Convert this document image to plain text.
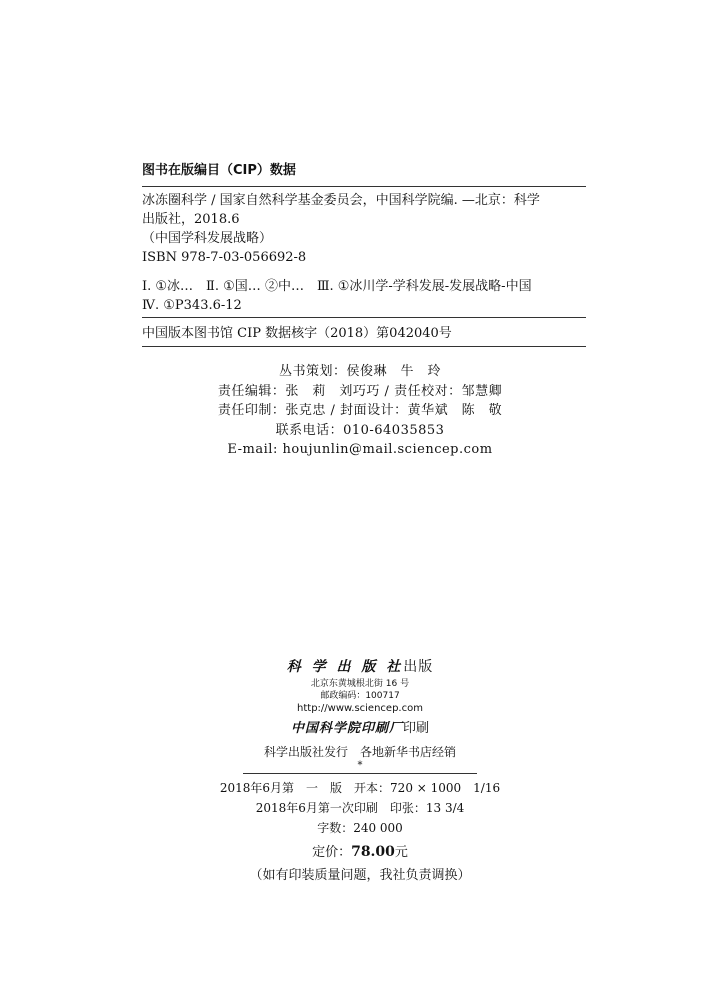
图书在版编目（CIP）数据
冰冻圈科学 / 国家自然科学基金委员会，中国科学院编. —北京：科学
出版社，2018.6
（中国学科发展战略）
ISBN 978-7-03-056692-8
Ⅰ. ①冰…　Ⅱ. ①国… ②中…　Ⅲ. ①冰川学-学科发展-发展战略-中国
Ⅳ. ①P343.6-12
中国版本图书馆 CIP 数据核字（2018）第042040号
丛书策划：侯俊琳　牛　玲
责任编辑：张　莉　刘巧巧 / 责任校对：邹慧卿
责任印制：张克忠 / 封面设计：黄华斌　陈　敬
联系电话：010-64035853
E-mail: houjunlin@mail.sciencep.com
科 学 出 版 社出版
北京东黄城根北街 16 号
邮政编码：100717
http://www.sciencep.com
中国科学院印刷厂印刷
科学出版社发行　各地新华书店经销
*
2018年6月第　一　版　开本：720 × 1000　1/16
2018年6月第一次印刷　印张：13 3/4
字数：240 000
定价：78.00元
（如有印装质量问题，我社负责调换）
